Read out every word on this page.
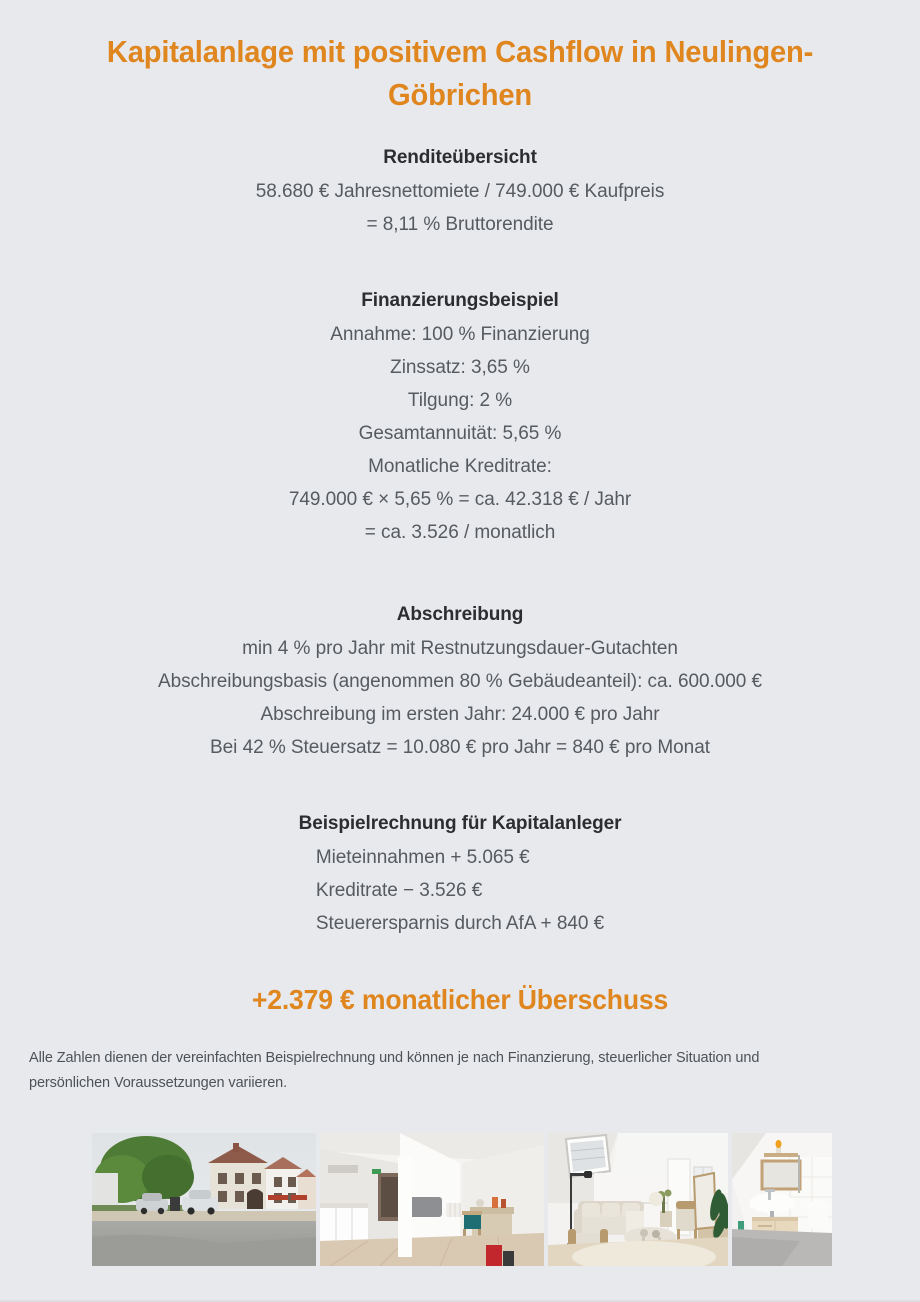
Kapitalanlage mit positivem Cashflow in Neulingen-Göbrichen
Renditeübersicht

58.680 € Jahresnettomiete / 749.000 € Kaufpreis

= 8,11 % Bruttorendite

Finanzierungsbeispiel

Annahme: 100 % Finanzierung

Zinssatz: 3,65 %

Tilgung: 2 %

Gesamtannuität: 5,65 %

Monatliche Kreditrate:

749.000 € × 5,65 % = ca. 42.318 € / Jahr

= ca. 3.526 / monatlich

Abschreibung

min 4 % pro Jahr mit Restnutzungsdauer-Gutachten

Abschreibungsbasis (angenommen 80 % Gebäudeanteil): ca. 600.000 €

Abschreibung im ersten Jahr: 24.000 € pro Jahr

Bei 42 % Steuersatz = 10.080 € pro Jahr = 840 € pro Monat

Beispielrechnung für Kapitalanleger

Mieteinnahmen + 5.065 €

Kreditrate − 3.526 €

Steuerersparnis durch AfA + 840 €

+2.379 € monatlicher Überschuss
Alle Zahlen dienen der vereinfachten Beispielrechnung und können je nach Finanzierung, steuerlicher Situation und persönlichen Voraussetzungen variieren.
